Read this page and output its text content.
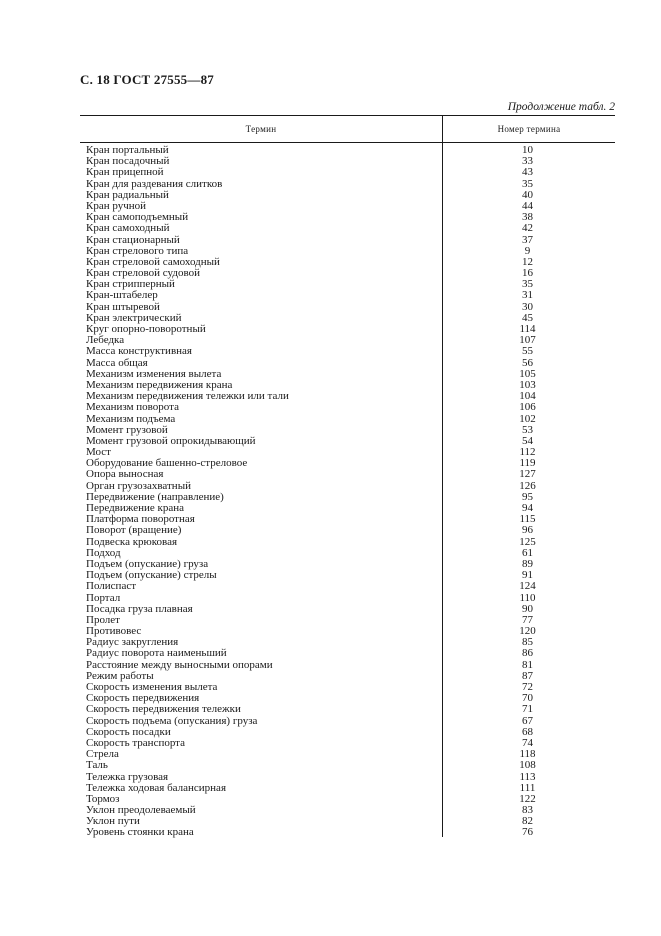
С. 18 ГОСТ 27555—87
Продолжение табл. 2
Термин	Номер термина
Кран портальный	10
Кран посадочный	33
Кран прицепной	43
Кран для раздевания слитков	35
Кран радиальный	40
Кран ручной	44
Кран самоподъемный	38
Кран самоходный	42
Кран стационарный	37
Кран стрелового типа	9
Кран стреловой самоходный	12
Кран стреловой судовой	16
Кран стрипперный	35
Кран-штабелер	31
Кран штыревой	30
Кран электрический	45
Круг опорно-поворотный	114
Лебедка	107
Масса конструктивная	55
Масса общая	56
Механизм изменения вылета	105
Механизм передвижения крана	103
Механизм передвижения тележки или тали	104
Механизм поворота	106
Механизм подъема	102
Момент грузовой	53
Момент грузовой опрокидывающий	54
Мост	112
Оборудование башенно-стреловое	119
Опора выносная	127
Орган грузозахватный	126
Передвижение (направление)	95
Передвижение крана	94
Платформа поворотная	115
Поворот (вращение)	96
Подвеска крюковая	125
Подход	61
Подъем (опускание) груза	89
Подъем (опускание) стрелы	91
Полиспаст	124
Портал	110
Посадка груза плавная	90
Пролет	77
Противовес	120
Радиус закругления	85
Радиус поворота наименьший	86
Расстояние между выносными опорами	81
Режим работы	87
Скорость изменения вылета	72
Скорость передвижения	70
Скорость передвижения тележки	71
Скорость подъема (опускания) груза	67
Скорость посадки	68
Скорость транспорта	74
Стрела	118
Таль	108
Тележка грузовая	113
Тележка ходовая балансирная	111
Тормоз	122
Уклон преодолеваемый	83
Уклон пути	82
Уровень стоянки крана	76
